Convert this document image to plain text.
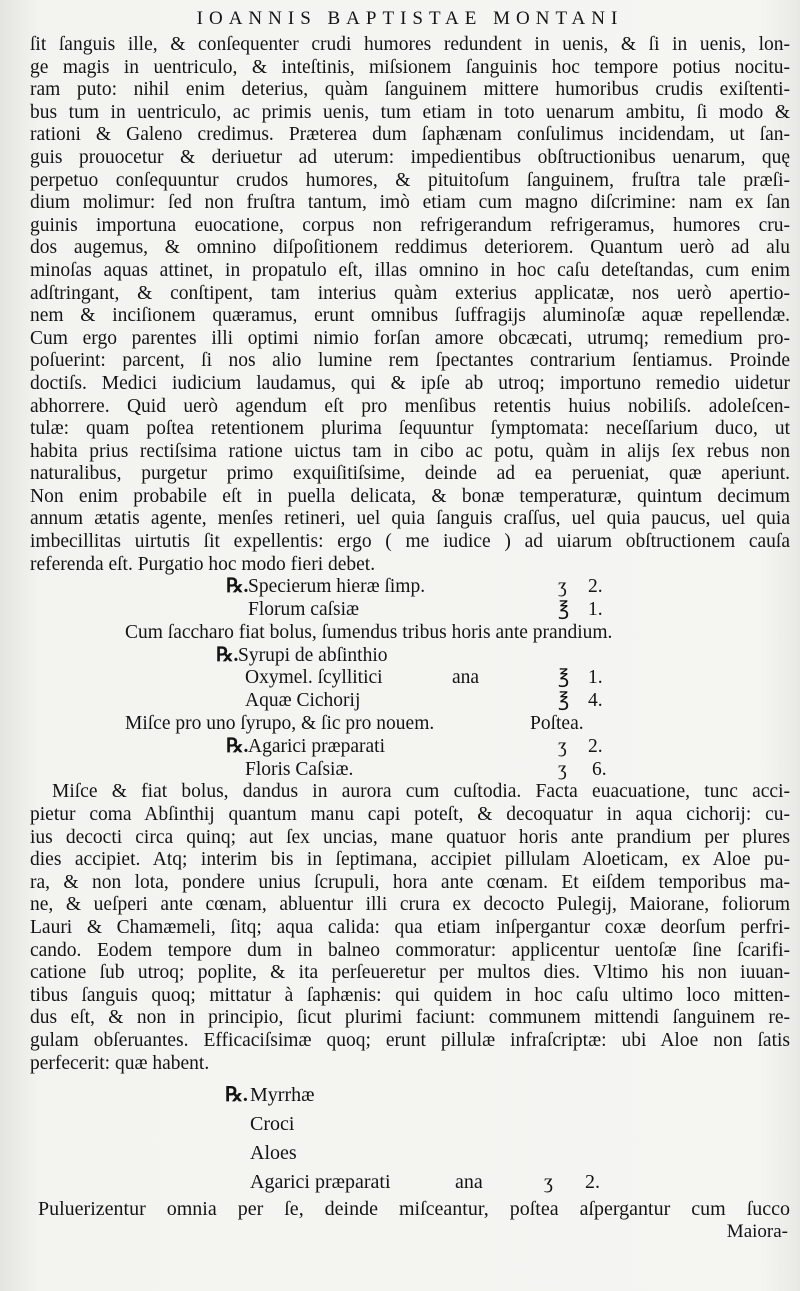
IOANNIS BAPTISTAE MONTANI
ſit ſanguis ille, & conſequenter crudi humores redundent in uenis, & ſi in uenis, lon-
ge magis in uentriculo, & inteſtinis, miſsionem ſanguinis hoc tempore potius nocitu-
ram puto: nihil enim deterius, quàm ſanguinem mittere humoribus crudis exiſtenti-
bus tum in uentriculo, ac primis uenis, tum etiam in toto uenarum ambitu, ſi modo &
rationi & Galeno credimus. Præterea dum ſaphænam conſulimus incidendam, ut ſan-
guis prouocetur & deriuetur ad uterum: impedientibus obſtructionibus uenarum, quę
perpetuo conſequuntur crudos humores, & pituitoſum ſanguinem, fruſtra tale præſi-
dium molimur: ſed non fruſtra tantum, imò etiam cum magno diſcrimine: nam ex ſan
guinis importuna euocatione, corpus non refrigerandum refrigeramus, humores cru-
dos augemus, & omnino diſpoſitionem reddimus deteriorem. Quantum uerò ad alu
minoſas aquas attinet, in propatulo eſt, illas omnino in hoc caſu deteſtandas, cum enim
adſtringant, & conſtipent, tam interius quàm exterius applicatæ, nos uerò apertio-
nem & inciſionem quæramus, erunt omnibus ſuffragijs aluminoſæ aquæ repellendæ.
Cum ergo parentes illi optimi nimio forſan amore obcæcati, utrumq; remedium pro-
poſuerint: parcent, ſi nos alio lumine rem ſpectantes contrarium ſentiamus. Proinde
doctiſs. Medici iudicium laudamus, qui & ipſe ab utroq; importuno remedio uidetur
abhorrere. Quid uerò agendum eſt pro menſibus retentis huius nobiliſs. adoleſcen-
tulæ: quam poſtea retentionem plurima ſequuntur ſymptomata: neceſſarium duco, ut
habita prius rectiſsima ratione uictus tam in cibo ac potu, quàm in alijs ſex rebus non
naturalibus, purgetur primo exquiſitiſsime, deinde ad ea perueniat, quæ aperiunt.
Non enim probabile eſt in puella delicata, & bonæ temperaturæ, quintum decimum
annum ætatis agente, menſes retineri, uel quia ſanguis craſſus, uel quia paucus, uel quia
imbecillitas uirtutis ſit expellentis: ergo ( me iudice ) ad uiarum obſtructionem cauſa
referenda eſt. Purgatio hoc modo fieri debet.
℞. Specierum hieræ ſimp.	ʒ 2.
Florum caſsiæ	℥ 1.
Cum ſaccharo fiat bolus, ſumendus tribus horis ante prandium.
℞. Syrupi de abſinthio
Oxymel. ſcyllitici	ana	℥ 1.
Aquæ Cichorij	℥ 4.
Miſce pro uno ſyrupo, & ſic pro nouem.	Poſtea.
℞. Agarici præparati	ʒ 2.
Floris Caſsiæ.	ʒ 6.
Miſce & fiat bolus, dandus in aurora cum cuſtodia. Facta euacuatione, tunc acci-
pietur coma Abſinthij quantum manu capi poteſt, & decoquatur in aqua cichorij: cu-
ius decocti circa quinq; aut ſex uncias, mane quatuor horis ante prandium per plures
dies accipiet. Atq; interim bis in ſeptimana, accipiet pillulam Aloeticam, ex Aloe pu-
ra, & non lota, pondere unius ſcrupuli, hora ante cœnam. Et eiſdem temporibus ma-
ne, & ueſperi ante cœnam, abluentur illi crura ex decocto Pulegij, Maiorane, foliorum
Lauri & Chamæmeli, ſitq; aqua calida: qua etiam inſpergantur coxæ deorſum perfri-
cando. Eodem tempore dum in balneo commoratur: applicentur uentoſæ ſine ſcarifi-
catione ſub utroq; poplite, & ita perſeueretur per multos dies. Vltimo his non iuuan-
tibus ſanguis quoq; mittatur à ſaphænis: qui quidem in hoc caſu ultimo loco mitten-
dus eſt, & non in principio, ſicut plurimi faciunt: communem mittendi ſanguinem re-
gulam obſeruantes. Efficaciſsimæ quoq; erunt pillulæ infraſcriptæ: ubi Aloe non ſatis
perfecerit: quæ habent.
℞. Myrrhæ
Croci
Aloes
Agarici præparati	ana	ʒ 2.
Puluerizentur omnia per ſe, deinde miſceantur, poſtea aſpergantur cum ſucco
Maiora-
